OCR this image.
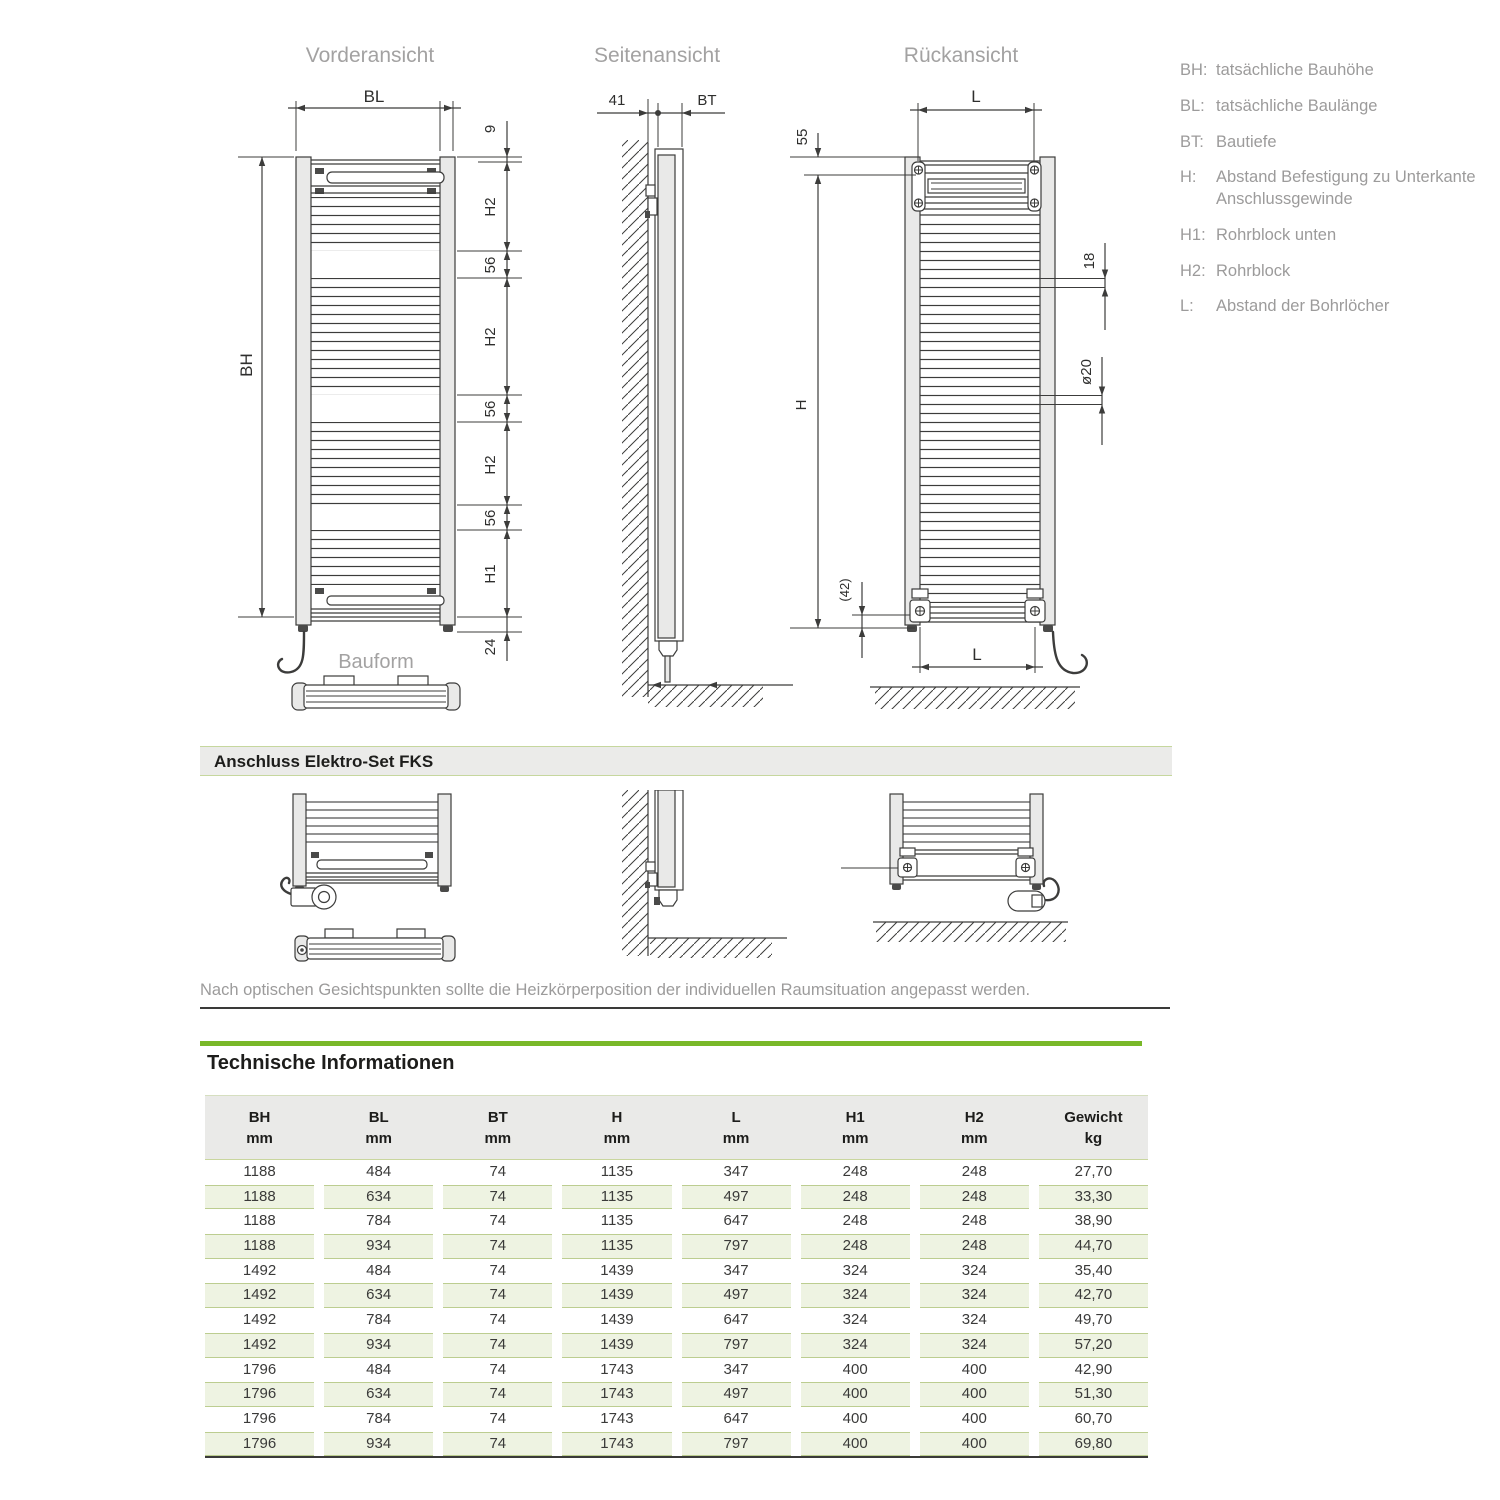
Vorderansicht	Seitenansicht	Rückansicht
BL
BH
9
H2
56
H2
56
H2
56
H1
24
Bauform
41	BT
18
ø20
55
H
(42)
L
L
BH: tatsächliche Bauhöhe
BL: tatsächliche Baulänge
BT: Bautiefe
H:	Abstand Befestigung zu Unterkante Anschlussgewinde
H1: Rohrblock unten
H2: Rohrblock
L:	Abstand der Bohrlöcher
Anschluss Elektro-Set FKS
Nach optischen Gesichtspunkten sollte die Heizkörperposition der individuellen Raumsituation angepasst werden.
Technische Informationen
BH
mm
BL
mm
BT
mm
H
mm
L
mm
H1
mm
H2
mm
Gewicht
kg
1188	484	74	1135	347	248	248	27,70
1188	634	74	1135	497	248	248	33,30
1188	784	74	1135	647	248	248	38,90
1188	934	74	1135	797	248	248	44,70
1492	484	74	1439	347	324	324	35,40
1492	634	74	1439	497	324	324	42,70
1492	784	74	1439	647	324	324	49,70
1492	934	74	1439	797	324	324	57,20
1796	484	74	1743	347	400	400	42,90
1796	634	74	1743	497	400	400	51,30
1796	784	74	1743	647	400	400	60,70
1796	934	74	1743	797	400	400	69,80
